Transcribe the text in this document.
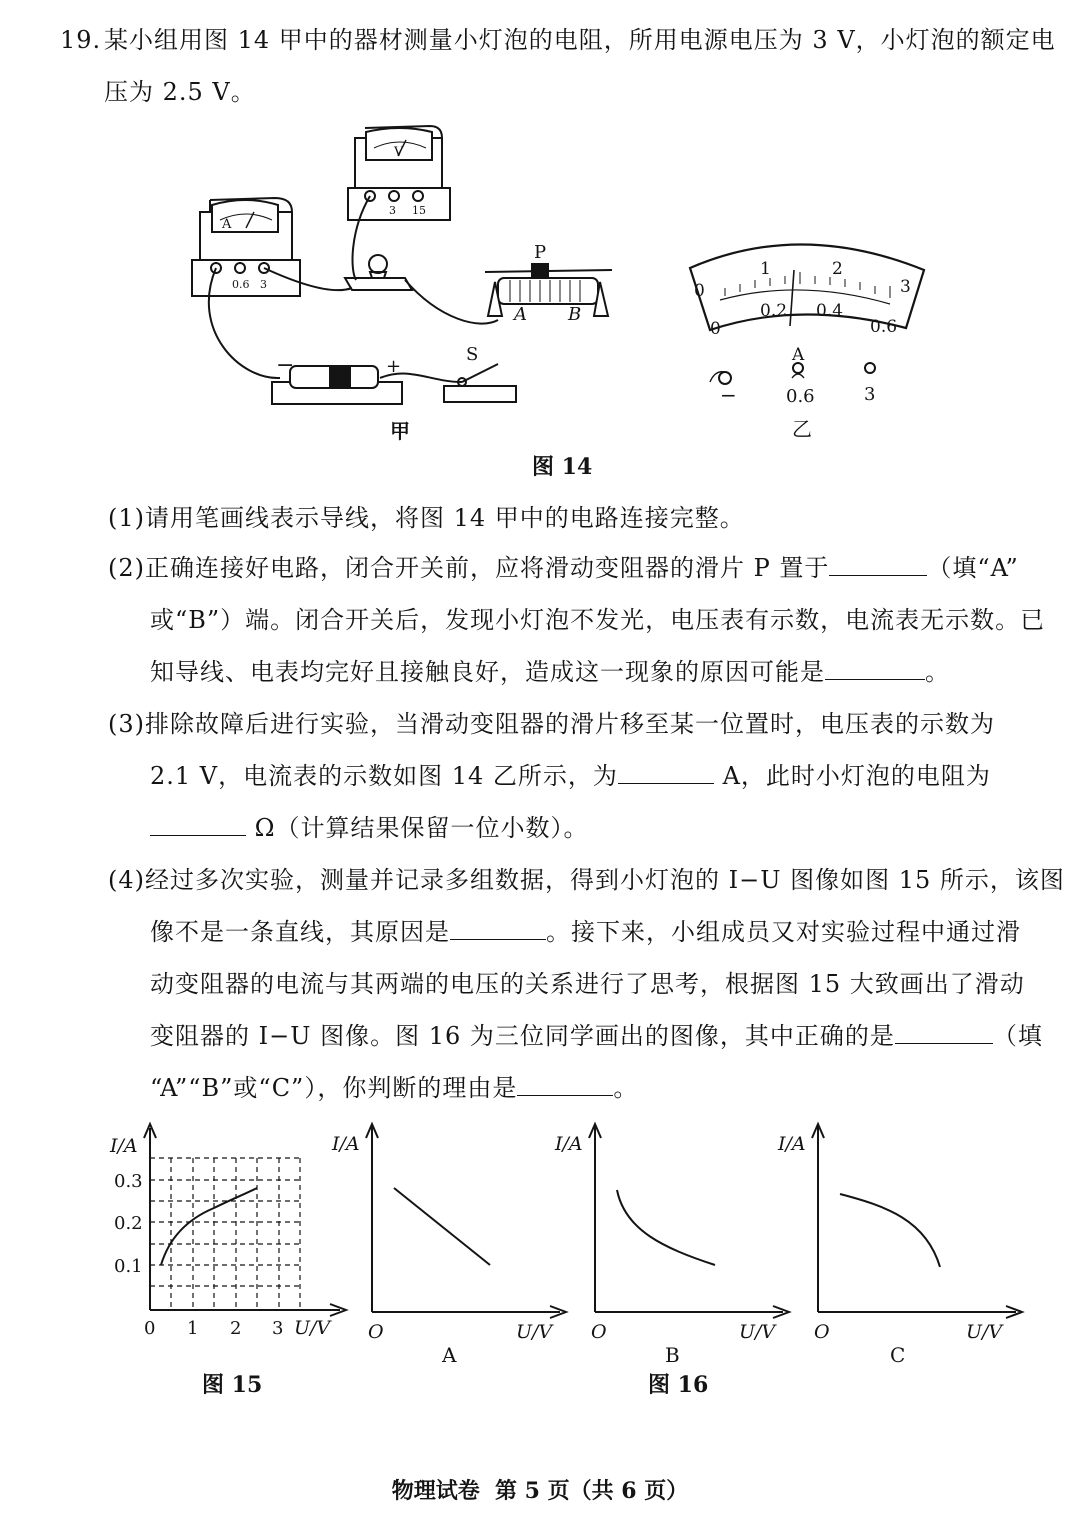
19. 某小组用图 14 甲中的器材测量小灯泡的电阻，所用电源电压为 3 V，小灯泡的额定电
压为 2.5 V。
A
0.6 3
V
3 15
P
A B
S
−	+
甲
0
1	2
3
0
0.2 0.4
0.6
A
−	0.6	3
乙
图 14
(1)请用笔画线表示导线，将图 14 甲中的电路连接完整。
(2)正确连接好电路，闭合开关前，应将滑动变阻器的滑片 P 置于	（填“A”
或“B”）端。闭合开关后，发现小灯泡不发光，电压表有示数，电流表无示数。已
知导线、电表均完好且接触良好，造成这一现象的原因可能是	。
(3)排除故障后进行实验，当滑动变阻器的滑片移至某一位置时，电压表的示数为
2.1 V，电流表的示数如图 14 乙所示，为	A，此时小灯泡的电阻为
Ω（计算结果保留一位小数）。
(4)经过多次实验，测量并记录多组数据，得到小灯泡的 I−U 图像如图 15 所示，该图
像不是一条直线，其原因是	。接下来，小组成员又对实验过程中通过滑
动变阻器的电流与其两端的电压的关系进行了思考，根据图 15 大致画出了滑动
变阻器的 I−U 图像。图 16 为三位同学画出的图像，其中正确的是	（填
“A”“B”或“C”），你判断的理由是	。
I/A
0.1
0.2
0.3
0 1 2 3 U/V
图 15
I/A
O	U/V
A
I/A
O	U/V
B
I/A
O	U/V
C
图 16
物理试卷  第 5 页（共 6 页）
